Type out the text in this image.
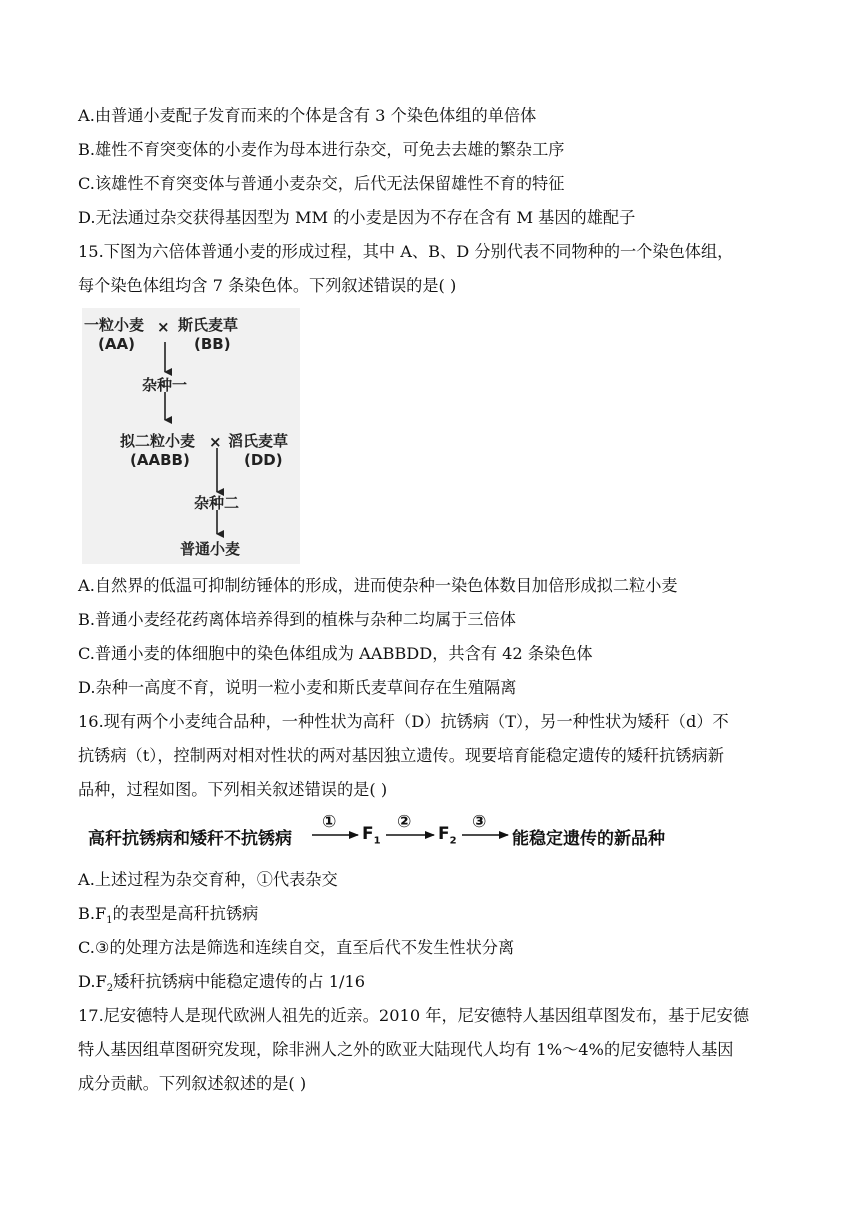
A.由普通小麦配子发育而来的个体是含有 3 个染色体组的单倍体
B.雄性不育突变体的小麦作为母本进行杂交，可免去去雄的繁杂工序
C.该雄性不育突变体与普通小麦杂交，后代无法保留雄性不育的特征
D.无法通过杂交获得基因型为 MM 的小麦是因为不存在含有 M 基因的雄配子
15.下图为六倍体普通小麦的形成过程，其中 A、B、D 分别代表不同物种的一个染色体组，
每个染色体组均含 7 条染色体。下列叙述错误的是( )
一粒小麦 × 斯氏麦草
(AA)	(BB)
杂种一
拟二粒小麦 × 滔氏麦草
(AABB)	(DD)
杂种二
普通小麦
A.自然界的低温可抑制纺锤体的形成，进而使杂种一染色体数目加倍形成拟二粒小麦
B.普通小麦经花药离体培养得到的植株与杂种二均属于三倍体
C.普通小麦的体细胞中的染色体组成为 AABBDD，共含有 42 条染色体
D.杂种一高度不育，说明一粒小麦和斯氏麦草间存在生殖隔离
16.现有两个小麦纯合品种，一种性状为高秆（D）抗锈病（T），另一种性状为矮秆（d）不
抗锈病（t），控制两对相对性状的两对基因独立遗传。现要培育能稳定遗传的矮秆抗锈病新
品种，过程如图。下列相关叙述错误的是( )
高秆抗锈病和矮秆不抗锈病
①
$F_1$
②
$F_2$
③
能稳定遗传的新品种
A.上述过程为杂交育种，①代表杂交
$B.F_1$的表型是高秆抗锈病
C.③的处理方法是筛选和连续自交，直至后代不发生性状分离
$D.F_2$矮秆抗锈病中能稳定遗传的占 1/16
17.尼安德特人是现代欧洲人祖先的近亲。2010 年，尼安德特人基因组草图发布，基于尼安德
特人基因组草图研究发现，除非洲人之外的欧亚大陆现代人均有 1%～4%的尼安德特人基因
成分贡献。下列叙述叙述的是( )
